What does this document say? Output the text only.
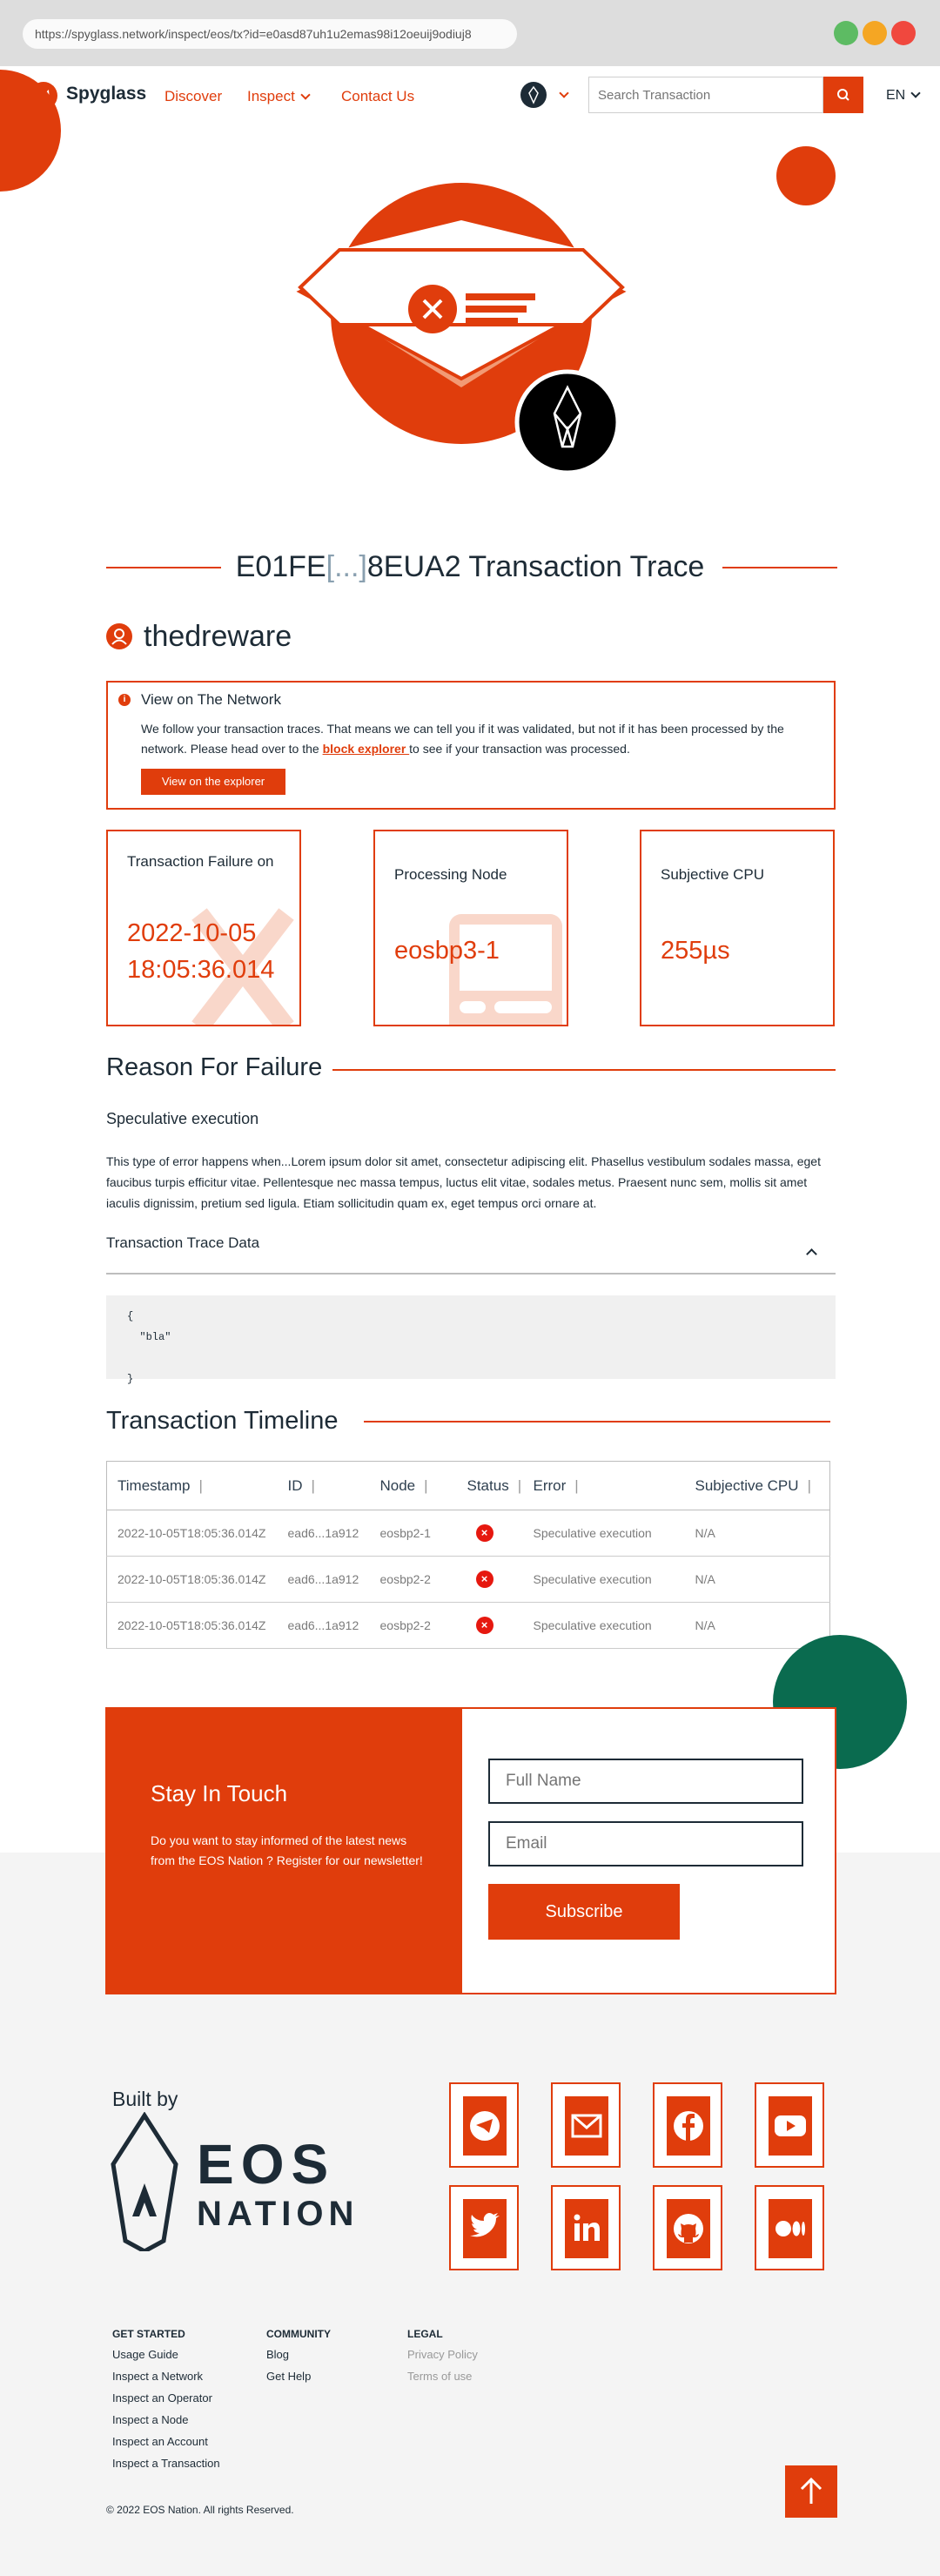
https://spyglass.network/inspect/eos/tx?id=e0asd87uh1u2emas98i12oeuij9odiuj8
Spyglass Discover Inspect	Contact Us
Search Transaction	EN
E01FE[...]8EUA2 Transaction Trace
thedreware
i	View on The Network
We follow your transaction traces. That means we can tell you if it was validated, but not if it has been processed by the network. Please head over to the block explorer to see if your transaction was processed.
View on the explorer
Transaction Failure on
2022-10-05 18:05:36.014
Processing Node
eosbp3-1
Subjective CPU
255µs
Reason For Failure
Speculative execution
This type of error happens when...Lorem ipsum dolor sit amet, consectetur adipiscing elit. Phasellus vestibulum sodales massa, eget faucibus turpis efficitur vitae. Pellentesque nec massa tempus, luctus elit vitae, sodales metus. Praesent nunc sem, mollis sit amet iaculis dignissim, pretium sed ligula. Etiam sollicitudin quam ex, eget tempus orci ornare at.
Transaction Trace Data
{
"bla"

}
Transaction Timeline
Timestamp |	ID |	Node |	Status |	Error |	Subjective CPU |
2022-10-05T18:05:36.014Z	ead6...1a912	eosbp2-1	×	Speculative execution	N/A
2022-10-05T18:05:36.014Z	ead6...1a912	eosbp2-2	×	Speculative execution	N/A
2022-10-05T18:05:36.014Z	ead6...1a912	eosbp2-2	×	Speculative execution	N/A
Stay In Touch
Do you want to stay informed of the latest news from the EOS Nation ? Register for our newsletter!
Full Name
Email
Subscribe
Built by
EOS
NATION
GET STARTED
Usage Guide
Inspect a Network
Inspect an Operator
Inspect a Node
Inspect an Account
Inspect a Transaction
COMMUNITY
Blog
Get Help
LEGAL
Privacy Policy
Terms of use
© 2022 EOS Nation. All rights Reserved.
